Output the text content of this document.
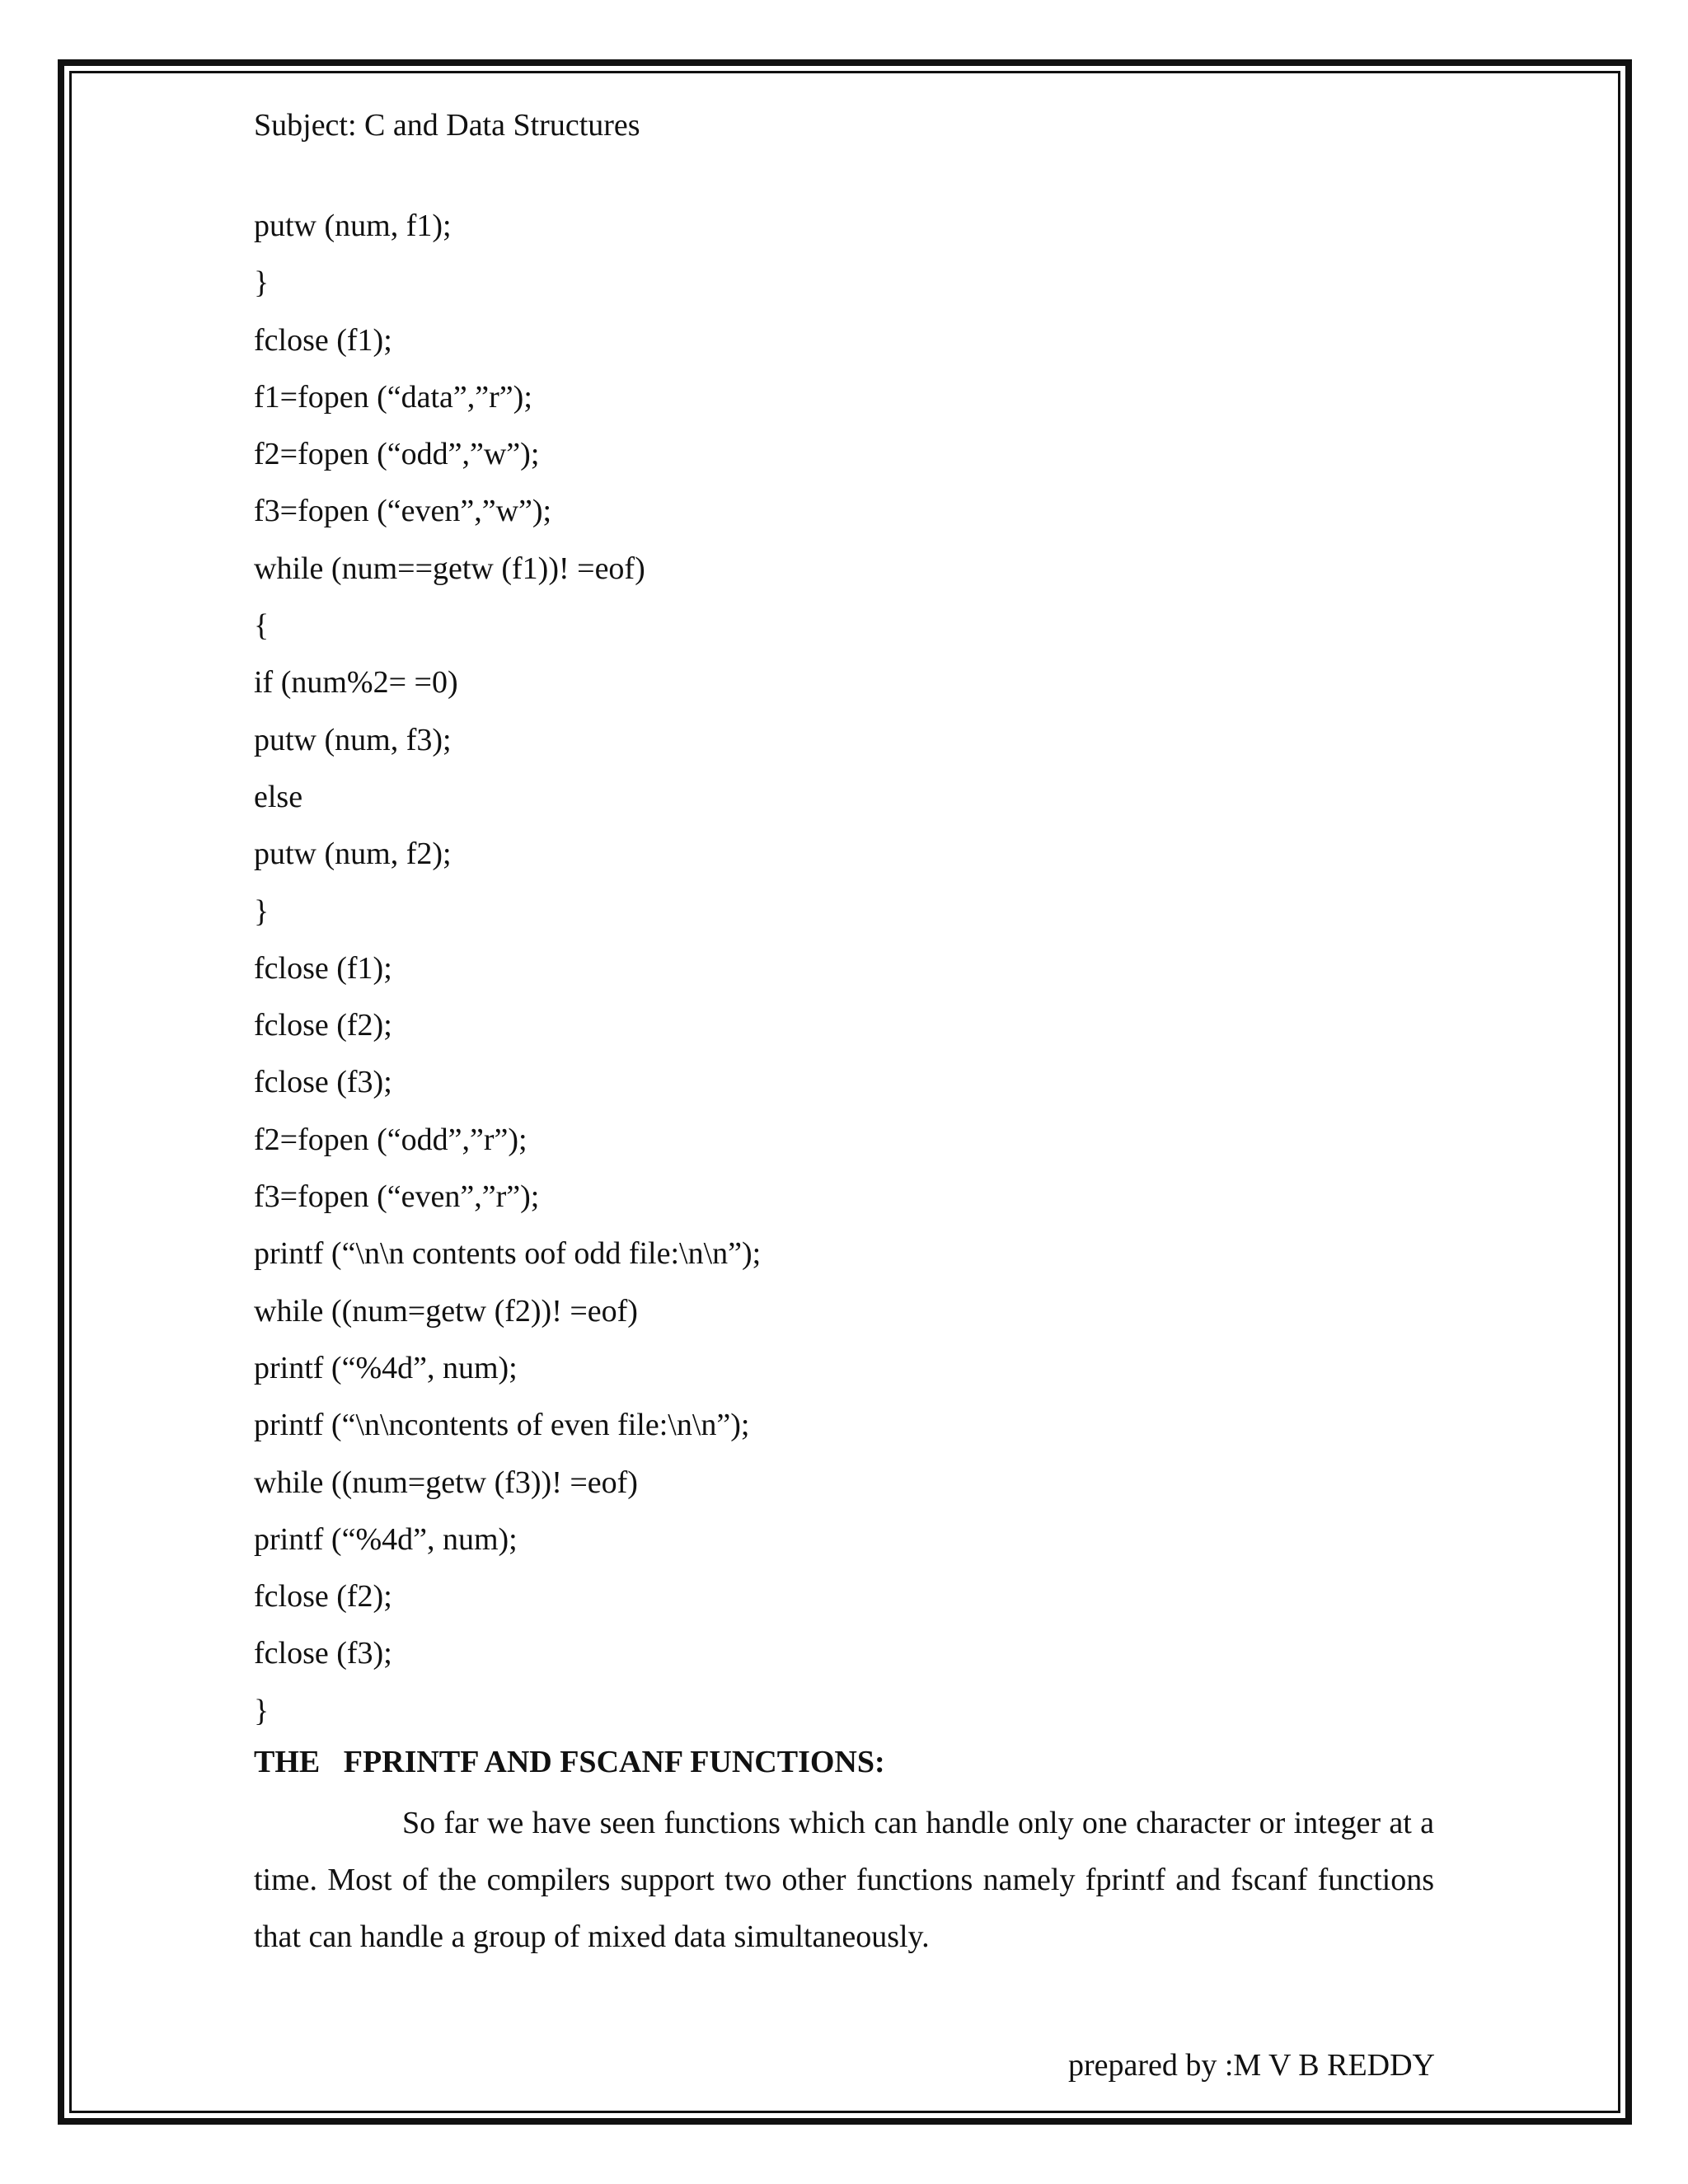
Subject: C and Data Structures
putw (num, f1);
}
fclose (f1);
f1=fopen (“data”,”r”);
f2=fopen (“odd”,”w”);
f3=fopen (“even”,”w”);
while (num==getw (f1))! =eof)
{
if (num%2= =0)
putw (num, f3);
else
putw (num, f2);
}
fclose (f1);
fclose (f2);
fclose (f3);
f2=fopen (“odd”,”r”);
f3=fopen (“even”,”r”);
printf (“\n\n contents oof odd file:\n\n”);
while ((num=getw (f2))! =eof)
printf (“%4d”, num);
printf (“\n\ncontents of even file:\n\n”);
while ((num=getw (f3))! =eof)
printf (“%4d”, num);
fclose (f2);
fclose (f3);
}
THE   FPRINTF AND FSCANF FUNCTIONS:

So far we have seen functions which can handle only one character or integer at a time. Most of the compilers support two other functions namely fprintf and fscanf functions that can handle a group of mixed data simultaneously.

prepared by :M V B REDDY
